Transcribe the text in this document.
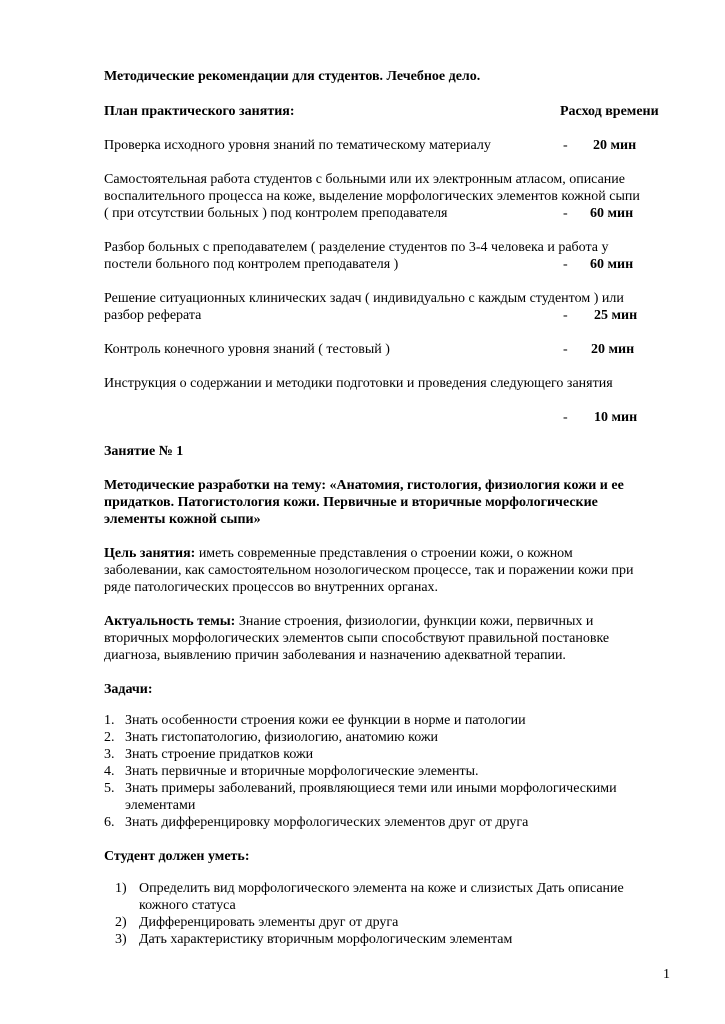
Методические рекомендации для студентов. Лечебное дело.
План практического занятия:	Расход времени
Проверка исходного уровня знаний по тематическому материалу	- 20 мин
Самостоятельная работа студентов с больными или их электронным атласом, описание
воспалительного процесса на коже, выделение морфологических элементов кожной сыпи
( при отсутствии больных ) под контролем преподавателя	- 60 мин
Разбор больных с преподавателем ( разделение студентов по 3-4 человека и работа у
постели больного под контролем преподавателя )	- 60 мин
Решение ситуационных клинических задач ( индивидуально с каждым студентом ) или
разбор реферата	- 25 мин
Контроль конечного уровня знаний ( тестовый )	- 20 мин
Инструкция о содержании и методики подготовки и проведения следующего занятия
- 10 мин
Занятие № 1
Методические разработки на тему: «Анатомия, гистология, физиология кожи и ее
придатков. Патогистология кожи. Первичные и вторичные морфологические
элементы кожной сыпи»
Цель занятия: иметь современные представления о строении кожи, о кожном
заболевании, как самостоятельном нозологическом процессе, так и поражении кожи при
ряде патологических процессов во внутренних органах.
Актуальность темы: Знание строения, физиологии, функции кожи, первичных и
вторичных морфологических элементов сыпи способствуют правильной постановке
диагноза, выявлению причин заболевания и назначению адекватной терапии.
Задачи:
1. Знать особенности строения кожи ее функции в норме и патологии
2. Знать гистопатологию, физиологию, анатомию кожи
3. Знать строение придатков кожи
4. Знать первичные и вторичные морфологические элементы.
5. Знать примеры заболеваний, проявляющиеся теми или иными морфологическими
элементами
6. Знать дифференцировку морфологических элементов друг от друга
Студент должен уметь:
1) Определить вид морфологического элемента на коже и слизистых Дать описание
кожного статуса
2) Дифференцировать элементы друг от друга
3) Дать характеристику вторичным морфологическим элементам
1
